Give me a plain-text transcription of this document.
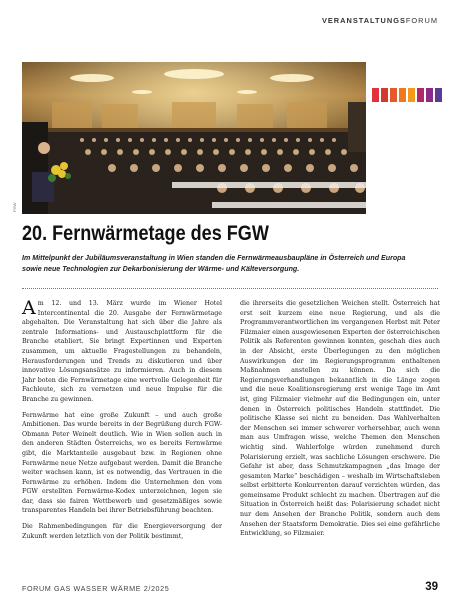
VERANSTALTUNGSFORUM
FGW
20. Fernwärmetage des FGW

Im Mittelpunkt der Jubiläumsveranstaltung in Wien standen die Fernwärmeausbaupläne in Österreich und Europa sowie neue Technologien zur Dekarbonisierung der Wärme- und Kälteversorgung.

Am 12. und 13. März wurde im Wiener Hotel Intercontinental die 20. Ausgabe der Fernwärmetage abgehalten. Die Veranstaltung hat sich über die Jahre als zentrale Informations- und Austauschplattform für die Branche etabliert. Sie bringt Expertinnen und Experten zusammen, um aktuelle Fragestellungen zu behandeln, Herausforderungen und Trends zu diskutieren und über innovative Lösungsansätze zu informieren. Auch in diesem Jahr boten die Fernwärmetage eine wertvolle Gelegenheit für Fachleute, sich zu vernetzen und neue Impulse für die Branche zu gewinnen.

Fernwärme hat eine große Zukunft – und auch große Ambitionen. Das wurde bereits in der Begrüßung durch FGW-Obmann Peter Weinelt deutlich. Wie in Wien sollen auch in den anderen Städten Österreichs, wo es bereits Fernwärme gibt, die Marktanteile ausgebaut bzw. in Regionen ohne Fernwärme neue Netze aufgebaut werden. Damit die Branche weiter wachsen kann, ist es notwendig, das Vertrauen in die Fernwärme zu erhöhen. Indem die Unternehmen den vom FGW erstellten Fernwärme-Kodex unterzeichnen, legen sie dar, dass sie fairen Wettbewerb und gesetzmäßiges sowie transparentes Handeln bei ihrer Betriebsführung beachten.

Die Rahmenbedingungen für die Energieversorgung der Zukunft werden letztlich von der Politik bestimmt,

die ihrerseits die gesetzlichen Weichen stellt. Österreich hat erst seit kurzem eine neue Regierung, und als die Programmverantwortlichen im vergangenen Herbst mit Peter Filzmaier einen ausgewiesenen Experten der österreichischen Politik als Referenten gewinnen konnten, geschah dies auch in der Absicht, erste Überlegungen zu den möglichen Auswirkungen der im Regierungsprogramm enthaltenen Maßnahmen anstellen zu können. Da sich die Regierungsverhandlungen bekanntlich in die Länge zogen und die neue Koalitionsregierung erst wenige Tage im Amt ist, ging Filzmaier vielmehr auf die Bedingungen ein, unter denen in Österreich politisches Handeln stattfindet. Die politische Klasse sei nicht zu beneiden. Das Wahlverhalten der Menschen sei immer schwerer vorhersehbar, auch wenn man aus Umfragen wisse, welche Themen den Menschen wichtig sind. Wahlerfolge würden zunehmend durch Polarisierung erzielt, was sachliche Lösungen erschwere. Die Gefahr ist aber, dass Schmutzkampagnen „das Image der gesamten Marke“ beschädigen – weshalb im Wirtschaftsleben selbst erbitterte Konkurrenten darauf verzichten würden, das gemeinsame Produkt schlecht zu machen. Übertragen auf die Situation in Österreich heißt das: Polarisierung schadet nicht nur dem Ansehen der Branche Politik, sondern auch dem Ansehen der Staatsform Demokratie. Dies sei eine gefährliche Entwicklung, so Filzmaier.

FORUM GAS WASSER WÄRME 2/2025	39
